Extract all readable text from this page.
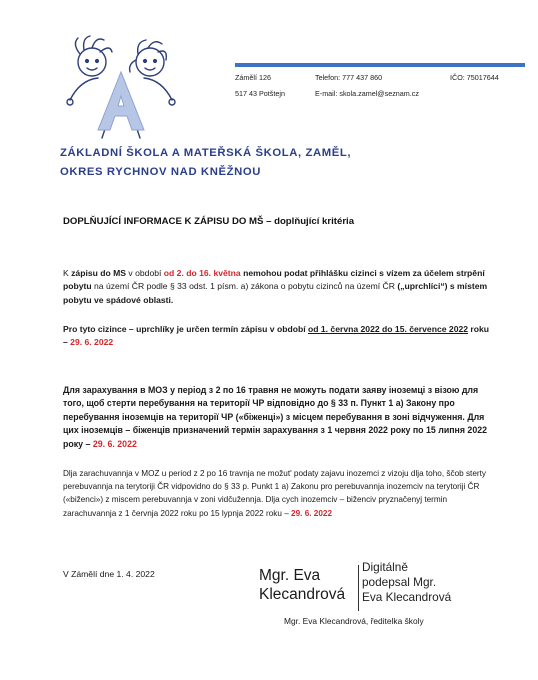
Zámělí 126
517 43 Potštejn
Telefon: 777 437 860
E-mail: skola.zamel@seznam.cz
IČO: 75017644
ZÁKLADNÍ ŠKOLA A MATEŘSKÁ ŠKOLA, ZAMĚL,
OKRES RYCHNOV NAD KNĚŽNOU
DOPLŇUJÍCÍ INFORMACE K ZÁPISU DO MŠ – doplňující kritéria
K zápisu do MS v období od 2. do 16. května nemohou podat přihlášku cizinci s vízem za účelem strpění pobytu na území ČR podle § 33 odst. 1 písm. a) zákona o pobytu cizinců na území ČR („uprchlíci“) s místem pobytu ve spádové oblasti.
Pro tyto cizince – uprchlíky je určen termín zápisu v období od 1. června 2022 do 15. července 2022 roku – 29. 6. 2022
Для зарахування в МОЗ у період з 2 по 16 травня не можуть подати заяву іноземці з візою для того, щоб стерти перебування на території ЧР відповідно до § 33 п. Пункт 1 а) Закону про перебування іноземців на території ЧР («біженці») з місцем перебування в зоні відчуження. Для цих іноземців – біженців призначений термін зарахування з 1 червня 2022 року по 15 липня 2022 року – 29. 6. 2022
Dlja zarachuvannja v MOZ u period z 2 po 16 travnja ne možut' podaty zajavu inozemci z vizoju dlja toho, ščob sterty perebuvannja na terytoriji ČR vidpovidno do § 33 p. Punkt 1 a) Zakonu pro perebuvannja inozemciv na terytoriji ČR («biženci») z miscem perebuvannja v zoni vidčužennja. Dlja cych inozemciv – biženciv pryznačenyj termin zarachuvannja z 1 červnja 2022 roku po 15 lypnja 2022 roku – 29. 6. 2022
V Zámělí dne 1. 4. 2022	Mgr. Eva
Klecandrová
Digitálně
podepsal Mgr.
Eva Klecandrová
Mgr. Eva Klecandrová, ředitelka školy
